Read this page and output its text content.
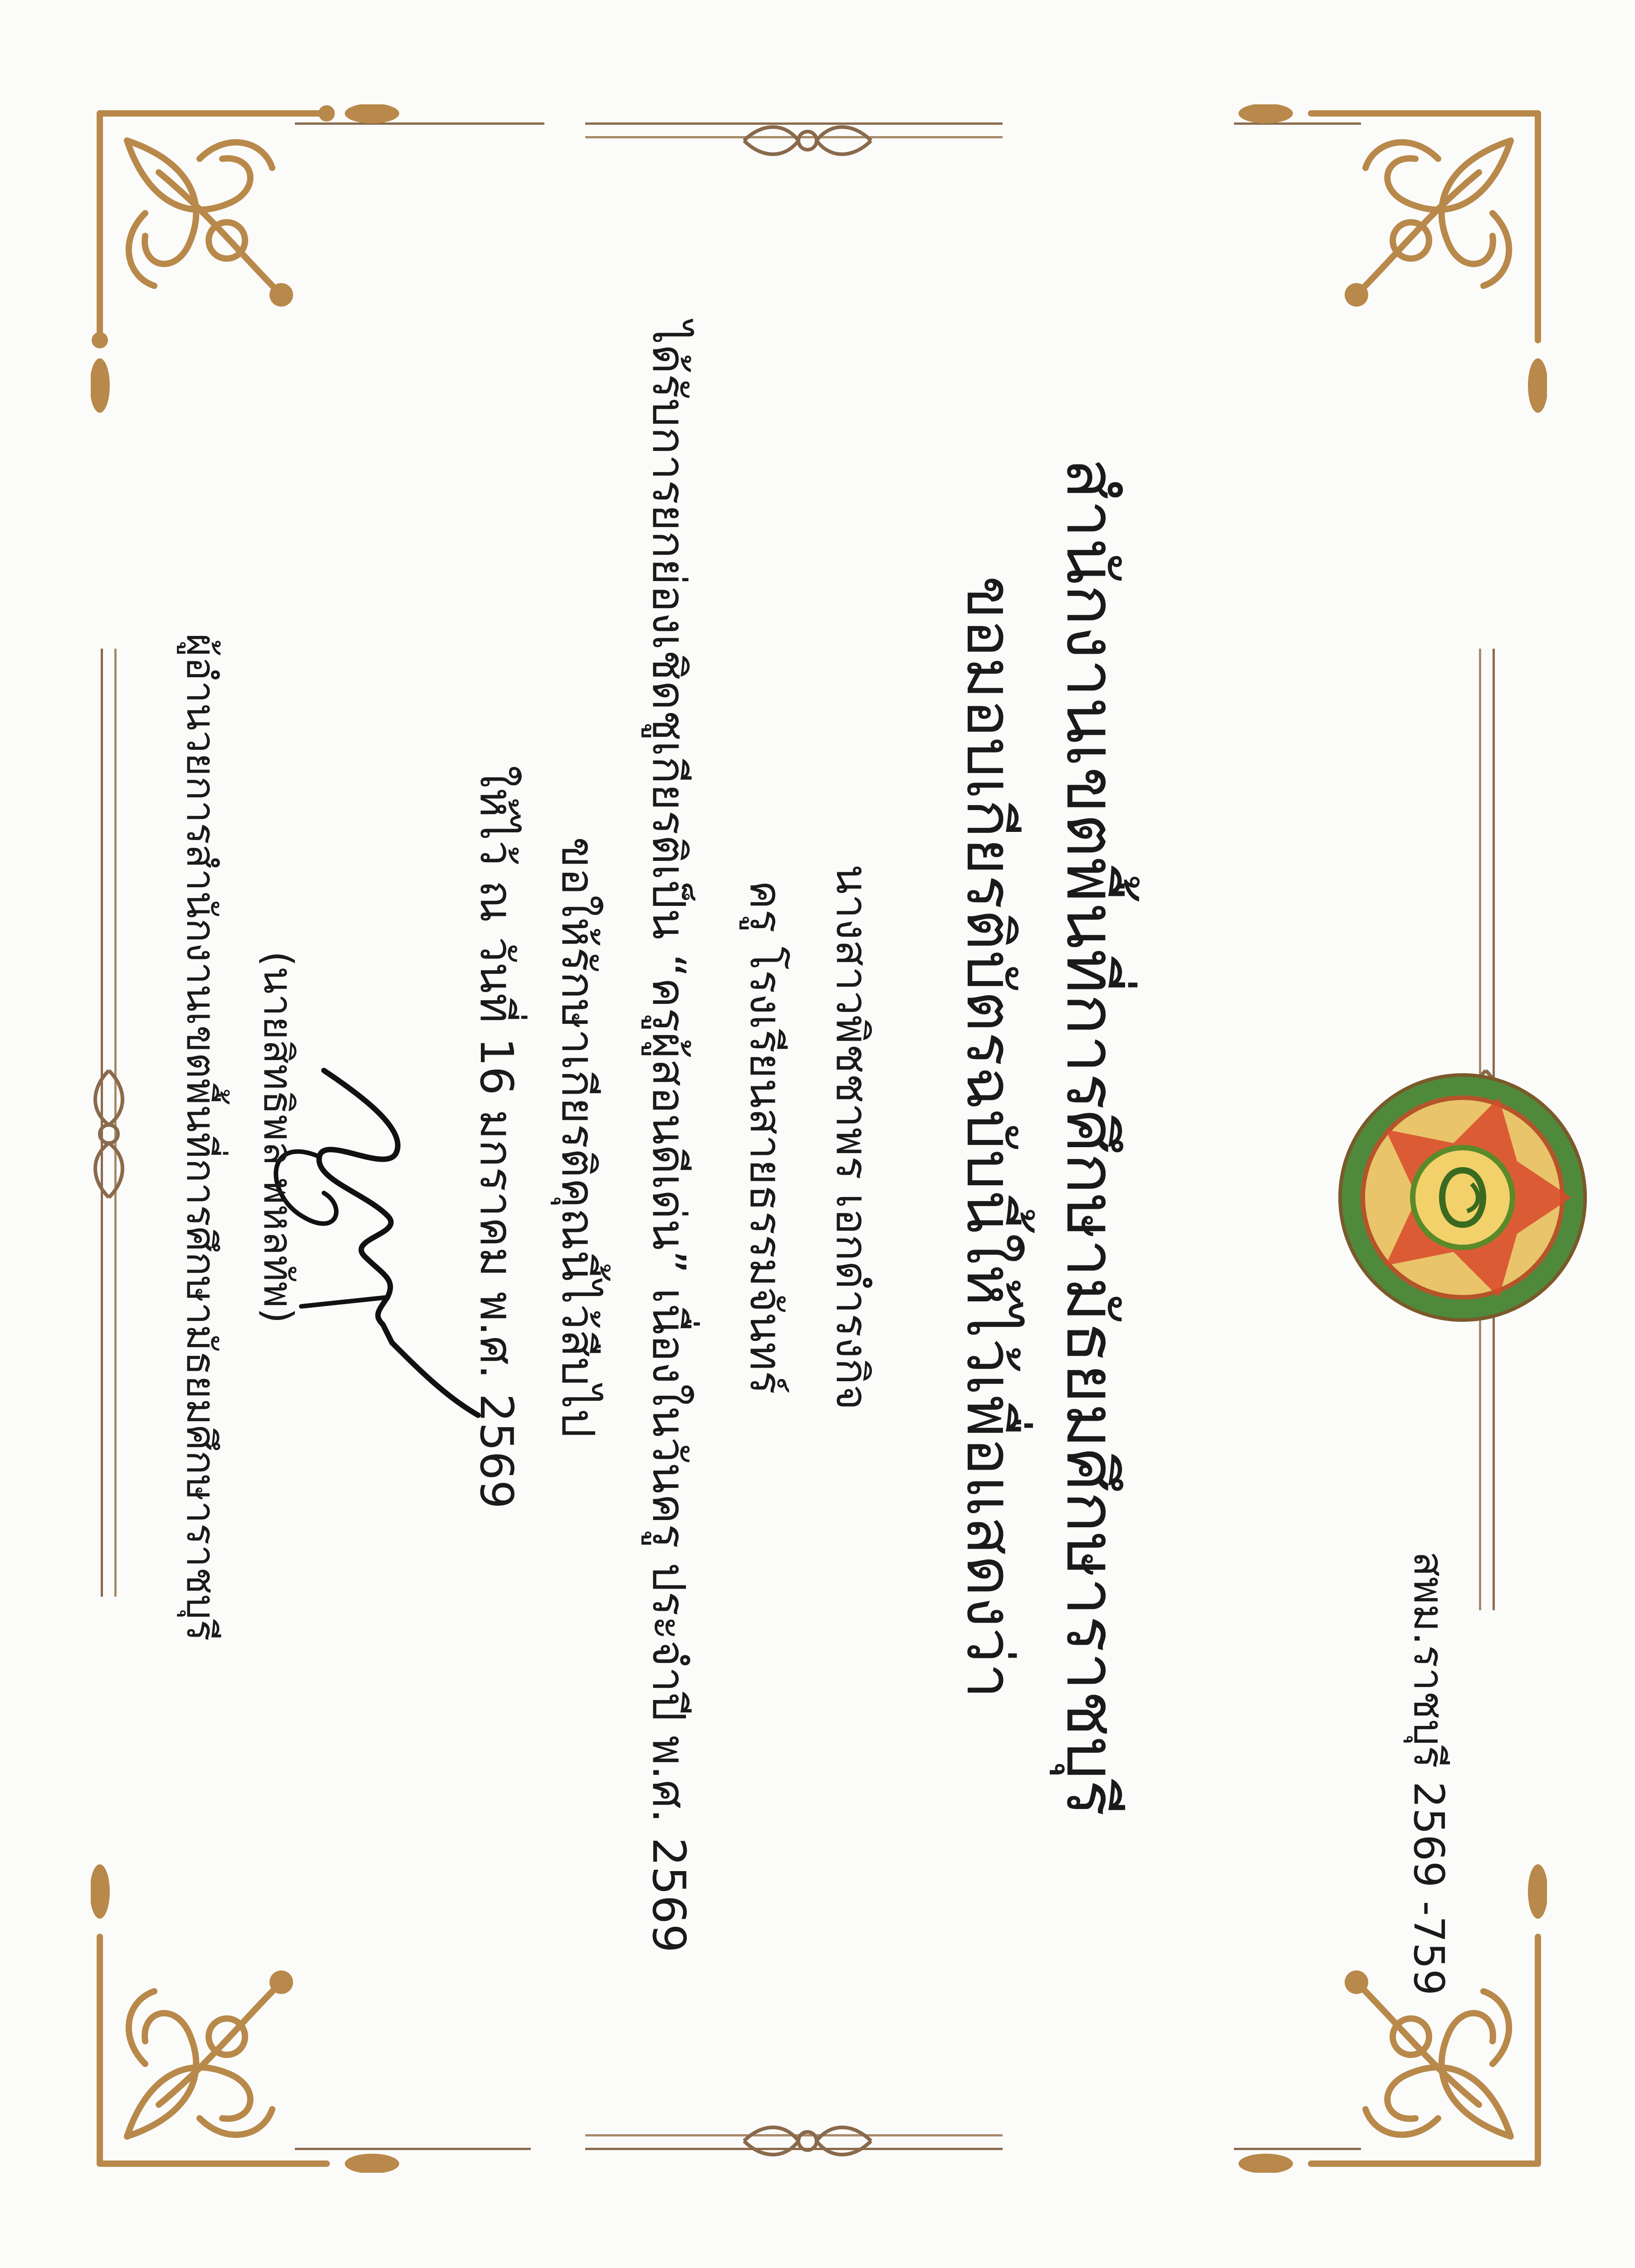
สพม.ราชบุรี 2569 -759
สำนักงานเขตพื้นที่การศึกษามัธยมศึกษาราชบุรี
ขอมอบเกียรติบัตรฉบับนี้ให้ไว้เพื่อแสดงว่า
นางสาวพิชชาพร เอกดำรงกิจ
ครู โรงเรียนสายธรรมจันทร์
ได้รับการยกย่องเชิดชูเกียรติเป็น “ครูผู้สอนดีเด่น” เนื่องในวันครู ประจำปี พ.ศ. 2569
ขอให้รักษาเกียรติคุณนี้ไว้สืบไป
ให้ไว้ ณ วันที่ 16 มกราคม พ.ศ. 2569
(นายสิทธิพล พหลทัพ)
ผู้อำนวยการสำนักงานเขตพื้นที่การศึกษามัธยมศึกษาราชบุรี
